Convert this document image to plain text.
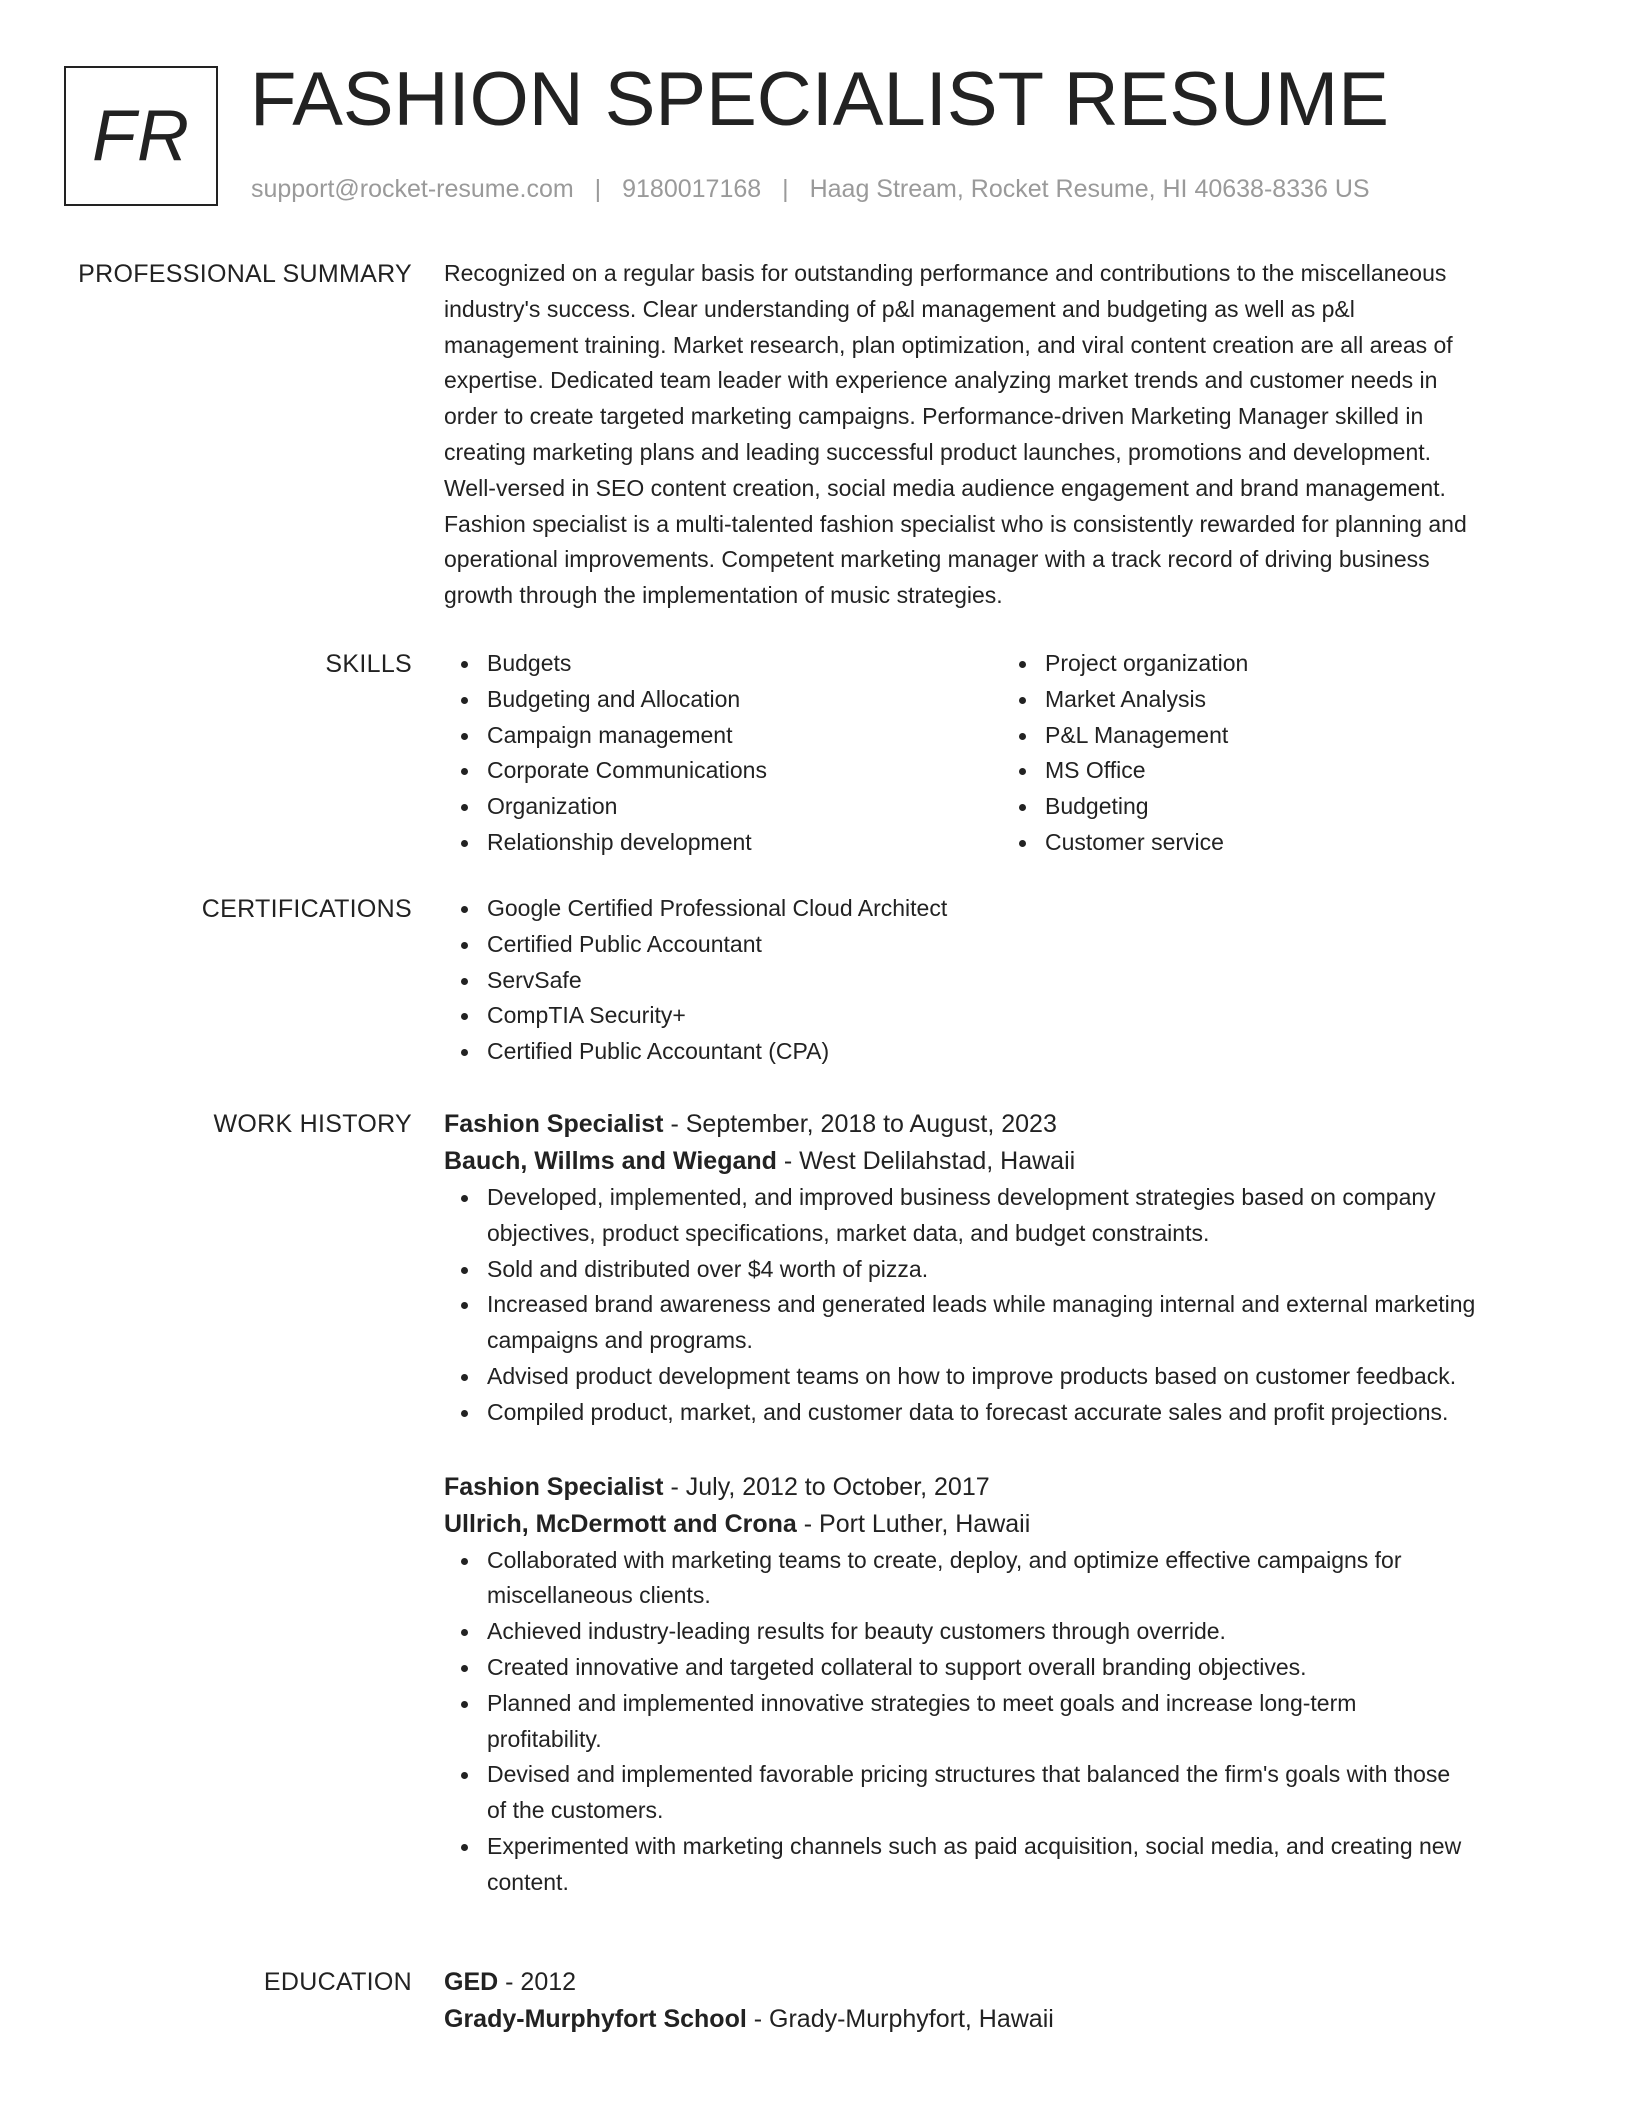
FR FASHION SPECIALIST RESUME
support@rocket-resume.com | 9180017168 | Haag Stream, Rocket Resume, HI 40638-8336 US
PROFESSIONAL SUMMARY Recognized on a regular basis for outstanding performance and contributions to the miscellaneous
industry's success. Clear understanding of p&l management and budgeting as well as p&l
management training. Market research, plan optimization, and viral content creation are all areas of
expertise. Dedicated team leader with experience analyzing market trends and customer needs in
order to create targeted marketing campaigns. Performance-driven Marketing Manager skilled in
creating marketing plans and leading successful product launches, promotions and development.
Well-versed in SEO content creation, social media audience engagement and brand management.
Fashion specialist is a multi-talented fashion specialist who is consistently rewarded for planning and
operational improvements. Competent marketing manager with a track record of driving business
growth through the implementation of music strategies.

SKILLS	Budgets
Budgeting and Allocation
Campaign management
Corporate Communications
Organization
Relationship development
Project organization
Market Analysis
P&L Management
MS Office
Budgeting
Customer service
CERTIFICATIONS	Google Certified Professional Cloud Architect
Certified Public Accountant
ServSafe
CompTIA Security+
Certified Public Accountant (CPA)
WORK HISTORY Fashion Specialist - September, 2018 to August, 2023
Bauch, Willms and Wiegand - West Delilahstad, Hawaii
Developed, implemented, and improved business development strategies based on company
objectives, product specifications, market data, and budget constraints.
Sold and distributed over $4 worth of pizza.
Increased brand awareness and generated leads while managing internal and external marketing
campaigns and programs.
Advised product development teams on how to improve products based on customer feedback.
Compiled product, market, and customer data to forecast accurate sales and profit projections.
Fashion Specialist - July, 2012 to October, 2017
Ullrich, McDermott and Crona - Port Luther, Hawaii
Collaborated with marketing teams to create, deploy, and optimize effective campaigns for
miscellaneous clients.
Achieved industry-leading results for beauty customers through override.
Created innovative and targeted collateral to support overall branding objectives.
Planned and implemented innovative strategies to meet goals and increase long-term
profitability.
Devised and implemented favorable pricing structures that balanced the firm's goals with those
of the customers.
Experimented with marketing channels such as paid acquisition, social media, and creating new
content.
EDUCATION GED - 2012
Grady-Murphyfort School - Grady-Murphyfort, Hawaii
